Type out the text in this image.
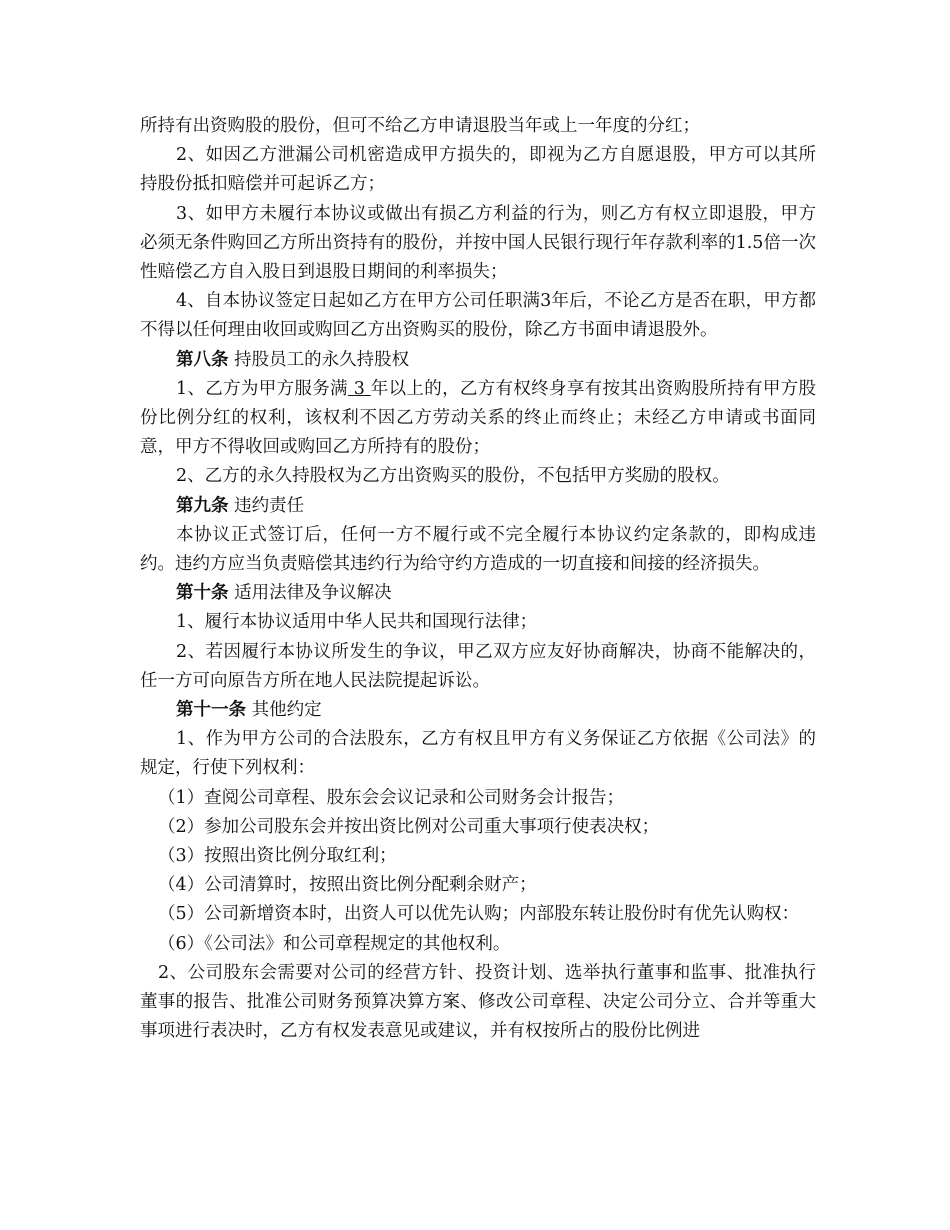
所持有出资购股的股份，但可不给乙方申请退股当年或上一年度的分红；

2、如因乙方泄漏公司机密造成甲方损失的，即视为乙方自愿退股，甲方可以其所持股份抵扣赔偿并可起诉乙方；

3、如甲方未履行本协议或做出有损乙方利益的行为，则乙方有权立即退股，甲方必须无条件购回乙方所出资持有的股份，并按中国人民银行现行年存款利率的1.5倍一次性赔偿乙方自入股日到退股日期间的利率损失；

4、自本协议签定日起如乙方在甲方公司任职满3年后，不论乙方是否在职，甲方都不得以任何理由收回或购回乙方出资购买的股份，除乙方书面申请退股外。

第八条 持股员工的永久持股权

1、乙方为甲方服务满 3 年以上的，乙方有权终身享有按其出资购股所持有甲方股份比例分红的权利，该权利不因乙方劳动关系的终止而终止；未经乙方申请或书面同意，甲方不得收回或购回乙方所持有的股份；

2、乙方的永久持股权为乙方出资购买的股份，不包括甲方奖励的股权。

第九条 违约责任

本协议正式签订后，任何一方不履行或不完全履行本协议约定条款的，即构成违约。违约方应当负责赔偿其违约行为给守约方造成的一切直接和间接的经济损失。

第十条 适用法律及争议解决

1、履行本协议适用中华人民共和国现行法律；

2、若因履行本协议所发生的争议，甲乙双方应友好协商解决，协商不能解决的，任一方可向原告方所在地人民法院提起诉讼。

第十一条 其他约定

1、作为甲方公司的合法股东，乙方有权且甲方有义务保证乙方依据《公司法》的规定，行使下列权利：

（1）查阅公司章程、股东会会议记录和公司财务会计报告；

（2）参加公司股东会并按出资比例对公司重大事项行使表决权；

（3）按照出资比例分取红利；

（4）公司清算时，按照出资比例分配剩余财产；

（5）公司新增资本时，出资人可以优先认购；内部股东转让股份时有优先认购权：

（6）《公司法》和公司章程规定的其他权利。

2、公司股东会需要对公司的经营方针、投资计划、选举执行董事和监事、批准执行董事的报告、批准公司财务预算决算方案、修改公司章程、决定公司分立、合并等重大事项进行表决时，乙方有权发表意见或建议，并有权按所占的股份比例进
